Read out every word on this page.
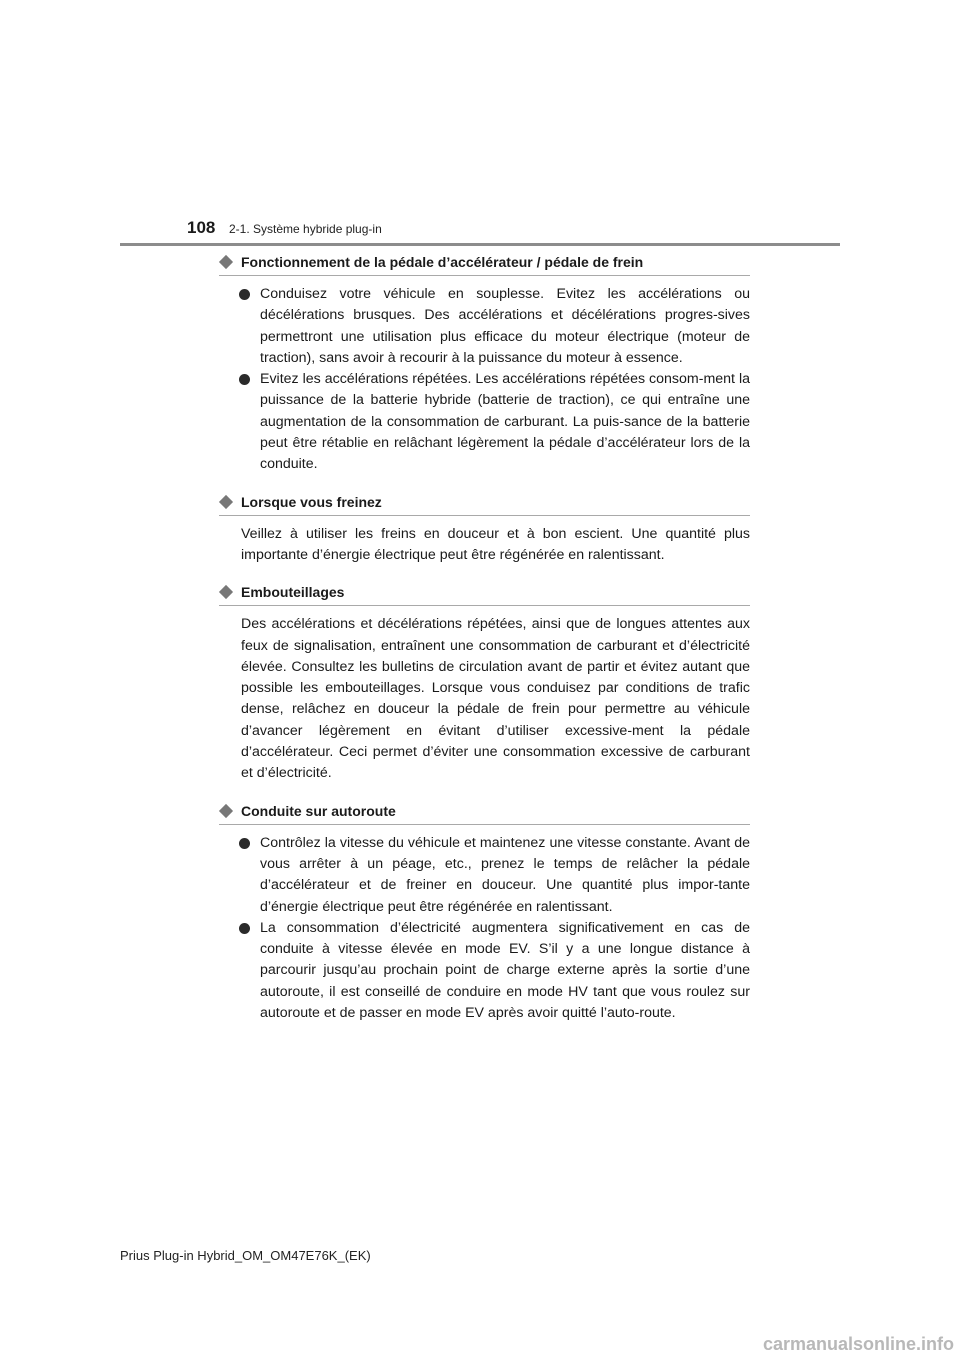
108 2-1. Système hybride plug-in
Fonctionnement de la pédale d’accélérateur / pédale de frein
Conduisez votre véhicule en souplesse. Evitez les accélérations ou décélérations brusques. Des accélérations et décélérations progres-sives permettront une utilisation plus efficace du moteur électrique (moteur de traction), sans avoir à recourir à la puissance du moteur à essence.
Evitez les accélérations répétées. Les accélérations répétées consom-ment la puissance de la batterie hybride (batterie de traction), ce qui entraîne une augmentation de la consommation de carburant. La puis-sance de la batterie peut être rétablie en relâchant légèrement la pédale d’accélérateur lors de la conduite.
Lorsque vous freinez
Veillez à utiliser les freins en douceur et à bon escient. Une quantité plus importante d’énergie électrique peut être régénérée en ralentissant.
Embouteillages
Des accélérations et décélérations répétées, ainsi que de longues attentes aux feux de signalisation, entraînent une consommation de carburant et d’électricité élevée. Consultez les bulletins de circulation avant de partir et évitez autant que possible les embouteillages. Lorsque vous conduisez par conditions de trafic dense, relâchez en douceur la pédale de frein pour permettre au véhicule d’avancer légèrement en évitant d’utiliser excessive-ment la pédale d’accélérateur. Ceci permet d’éviter une consommation excessive de carburant et d’électricité.
Conduite sur autoroute
Contrôlez la vitesse du véhicule et maintenez une vitesse constante. Avant de vous arrêter à un péage, etc., prenez le temps de relâcher la pédale d’accélérateur et de freiner en douceur. Une quantité plus impor-tante d’énergie électrique peut être régénérée en ralentissant.
La consommation d’électricité augmentera significativement en cas de conduite à vitesse élevée en mode EV. S’il y a une longue distance à parcourir jusqu’au prochain point de charge externe après la sortie d’une autoroute, il est conseillé de conduire en mode HV tant que vous roulez sur autoroute et de passer en mode EV après avoir quitté l’auto-route.
Prius Plug-in Hybrid_OM_OM47E76K_(EK)
carmanualsonline.info
